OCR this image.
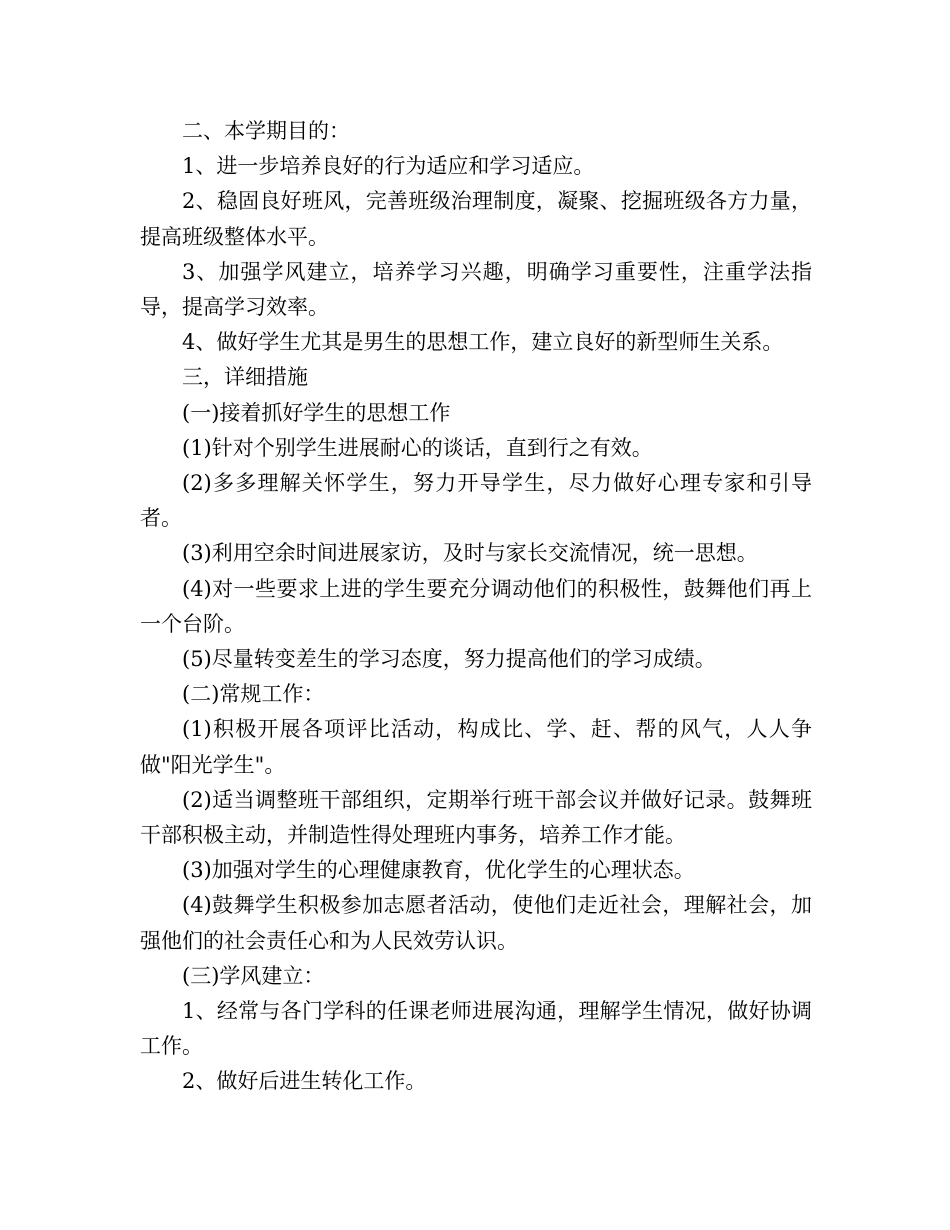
二、本学期目的：

1、进一步培养良好的行为适应和学习适应。

2、稳固良好班风，完善班级治理制度，凝聚、挖掘班级各方力量，提高班级整体水平。

3、加强学风建立，培养学习兴趣，明确学习重要性，注重学法指导，提高学习效率。

4、做好学生尤其是男生的思想工作，建立良好的新型师生关系。

三，详细措施

(一)接着抓好学生的思想工作

(1)针对个别学生进展耐心的谈话，直到行之有效。

(2)多多理解关怀学生，努力开导学生，尽力做好心理专家和引导者。

(3)利用空余时间进展家访，及时与家长交流情况，统一思想。

(4)对一些要求上进的学生要充分调动他们的积极性，鼓舞他们再上一个台阶。

(5)尽量转变差生的学习态度，努力提高他们的学习成绩。

(二)常规工作：

(1)积极开展各项评比活动，构成比、学、赶、帮的风气，人人争做"阳光学生"。

(2)适当调整班干部组织，定期举行班干部会议并做好记录。鼓舞班干部积极主动，并制造性得处理班内事务，培养工作才能。

(3)加强对学生的心理健康教育，优化学生的心理状态。

(4)鼓舞学生积极参加志愿者活动，使他们走近社会，理解社会，加强他们的社会责任心和为人民效劳认识。

(三)学风建立：

1、经常与各门学科的任课老师进展沟通，理解学生情况，做好协调工作。

2、做好后进生转化工作。
